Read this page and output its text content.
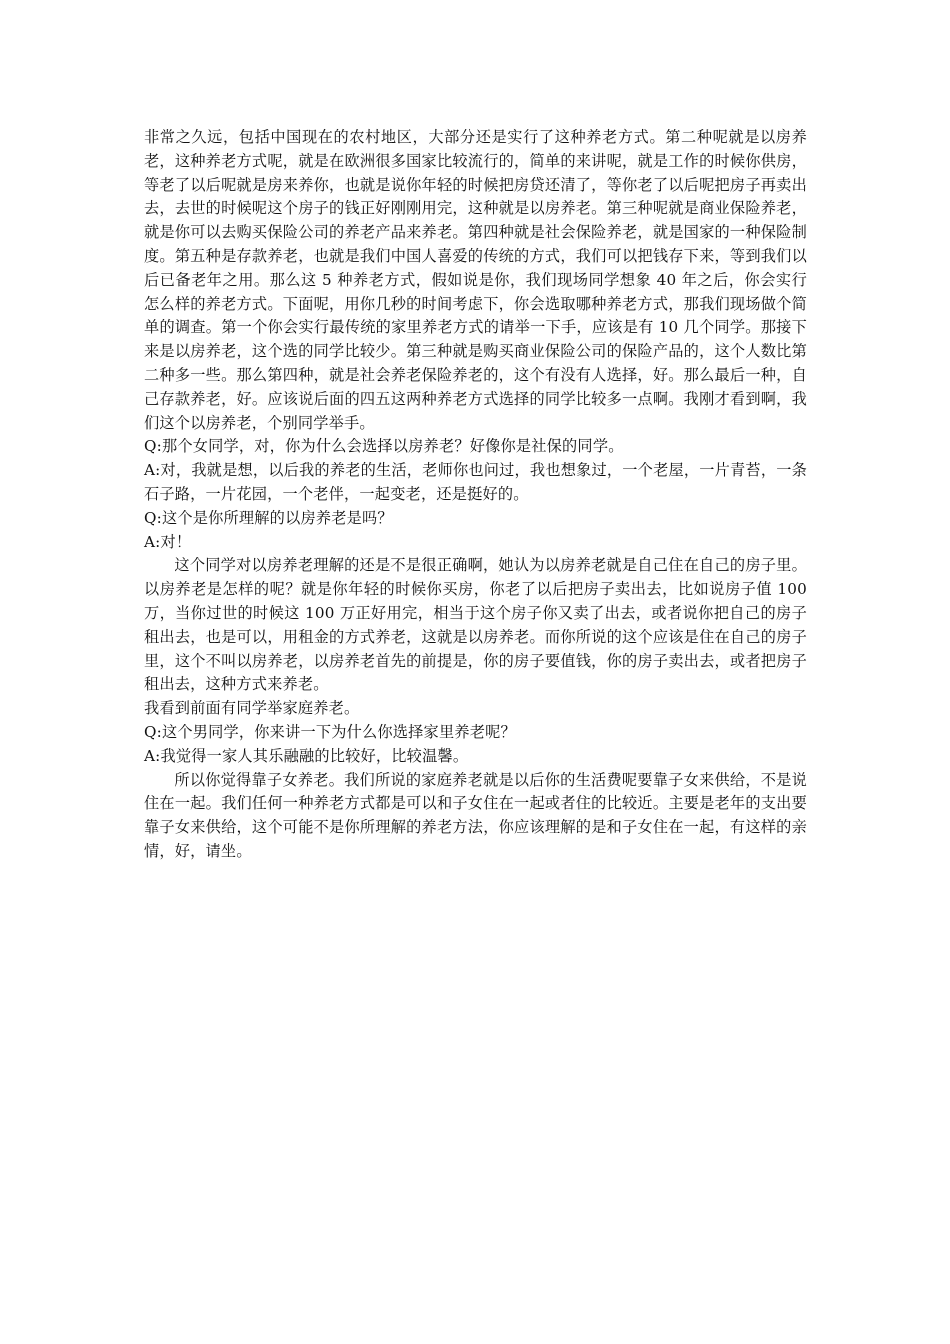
非常之久远，包括中国现在的农村地区，大部分还是实行了这种养老方式。第二种呢就是以房养老，这种养老方式呢，就是在欧洲很多国家比较流行的，简单的来讲呢，就是工作的时候你供房，等老了以后呢就是房来养你，也就是说你年轻的时候把房贷还清了，等你老了以后呢把房子再卖出去，去世的时候呢这个房子的钱正好刚刚用完，这种就是以房养老。第三种呢就是商业保险养老，就是你可以去购买保险公司的养老产品来养老。第四种就是社会保险养老，就是国家的一种保险制度。第五种是存款养老，也就是我们中国人喜爱的传统的方式，我们可以把钱存下来，等到我们以后已备老年之用。那么这 5 种养老方式，假如说是你，我们现场同学想象 40 年之后，你会实行怎么样的养老方式。下面呢，用你几秒的时间考虑下，你会选取哪种养老方式，那我们现场做个简单的调查。第一个你会实行最传统的家里养老方式的请举一下手，应该是有 10 几个同学。那接下来是以房养老，这个选的同学比较少。第三种就是购买商业保险公司的保险产品的，这个人数比第二种多一些。那么第四种，就是社会养老保险养老的，这个有没有人选择，好。那么最后一种，自己存款养老，好。应该说后面的四五这两种养老方式选择的同学比较多一点啊。我刚才看到啊，我们这个以房养老，个别同学举手。

Q:那个女同学，对，你为什么会选择以房养老？好像你是社保的同学。

A:对，我就是想，以后我的养老的生活，老师你也问过，我也想象过，一个老屋，一片青苔，一条石子路，一片花园，一个老伴，一起变老，还是挺好的。

Q:这个是你所理解的以房养老是吗？

A:对！

这个同学对以房养老理解的还是不是很正确啊，她认为以房养老就是自己住在自己的房子里。以房养老是怎样的呢？就是你年轻的时候你买房，你老了以后把房子卖出去，比如说房子值 100 万，当你过世的时候这 100 万正好用完，相当于这个房子你又卖了出去，或者说你把自己的房子租出去，也是可以，用租金的方式养老，这就是以房养老。而你所说的这个应该是住在自己的房子里，这个不叫以房养老，以房养老首先的前提是，你的房子要值钱，你的房子卖出去，或者把房子租出去，这种方式来养老。

我看到前面有同学举家庭养老。

Q:这个男同学，你来讲一下为什么你选择家里养老呢？

A:我觉得一家人其乐融融的比较好，比较温馨。

所以你觉得靠子女养老。我们所说的家庭养老就是以后你的生活费呢要靠子女来供给，不是说住在一起。我们任何一种养老方式都是可以和子女住在一起或者住的比较近。主要是老年的支出要靠子女来供给，这个可能不是你所理解的养老方法，你应该理解的是和子女住在一起，有这样的亲情，好，请坐。
